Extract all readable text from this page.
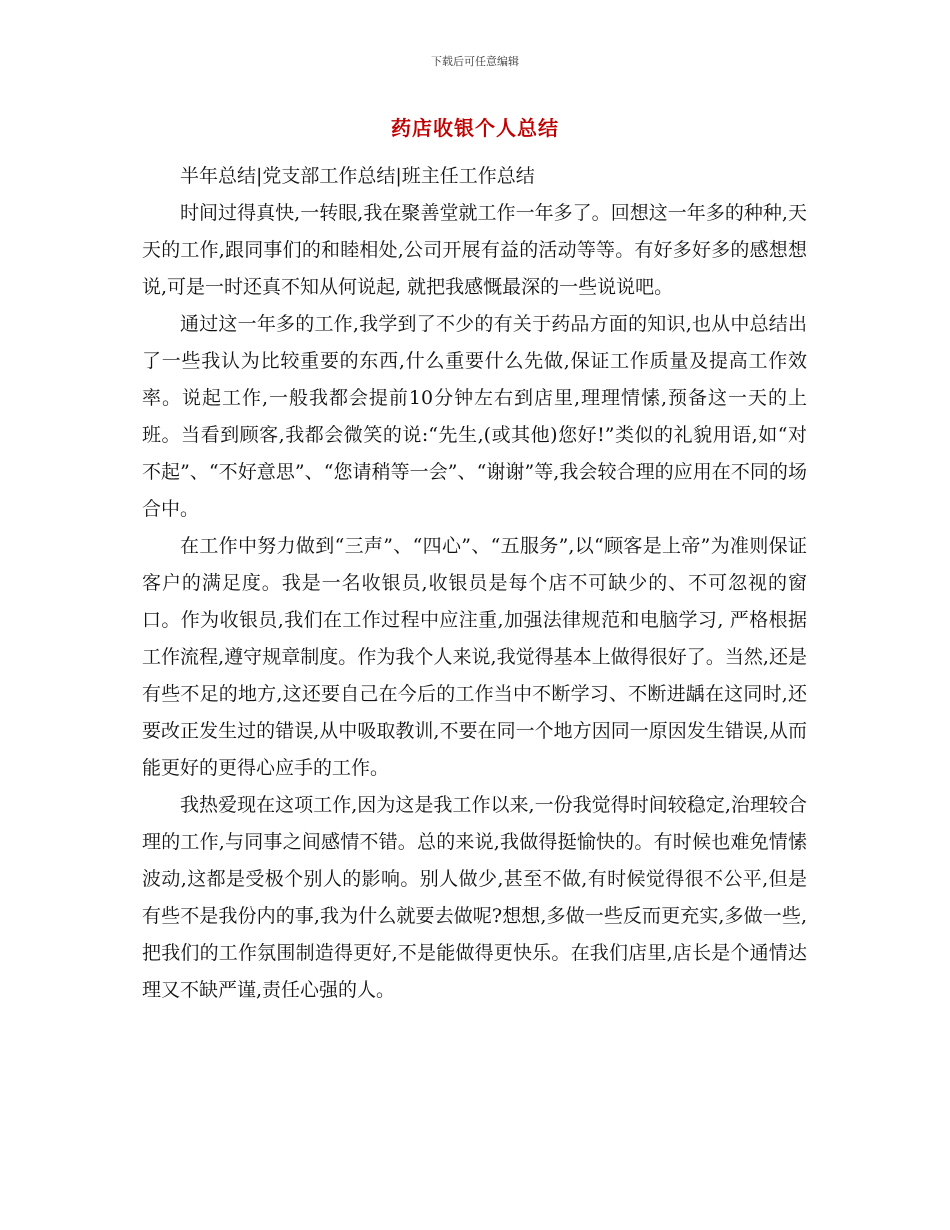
下载后可任意编辑
药店收银个人总结

半年总结|党支部工作总结|班主任工作总结

时间过得真快,一转眼,我在聚善堂就工作一年多了。回想这一年多的种种,天天的工作,跟同事们的和睦相处,公司开展有益的活动等等。有好多好多的感想想说,可是一时还真不知从何说起, 就把我感慨最深的一些说说吧。

通过这一年多的工作,我学到了不少的有关于药品方面的知识,也从中总结出了一些我认为比较重要的东西,什么重要什么先做,保证工作质量及提高工作效率。说起工作,一般我都会提前10分钟左右到店里,理理情愫,预备这一天的上班。当看到顾客,我都会微笑的说:“先生,(或其他)您好!”类似的礼貌用语,如“对不起”、“不好意思”、“您请稍等一会”、“谢谢”等,我会较合理的应用在不同的场合中。

在工作中努力做到“三声”、“四心”、“五服务”,以“顾客是上帝”为准则保证客户的满足度。我是一名收银员,收银员是每个店不可缺少的、不可忽视的窗口。作为收银员,我们在工作过程中应注重,加强法律规范和电脑学习, 严格根据工作流程,遵守规章制度。作为我个人来说,我觉得基本上做得很好了。当然,还是有些不足的地方,这还要自己在今后的工作当中不断学习、不断进龋在这同时,还要改正发生过的错误,从中吸取教训,不要在同一个地方因同一原因发生错误,从而能更好的更得心应手的工作。

我热爱现在这项工作,因为这是我工作以来,一份我觉得时间较稳定,治理较合理的工作,与同事之间感情不错。总的来说,我做得挺愉快的。有时候也难免情愫波动,这都是受极个别人的影响。别人做少,甚至不做,有时候觉得很不公平,但是有些不是我份内的事,我为什么就要去做呢?想想,多做一些反而更充实,多做一些,把我们的工作氛围制造得更好,不是能做得更快乐。在我们店里,店长是个通情达理又不缺严谨,责任心强的人。
